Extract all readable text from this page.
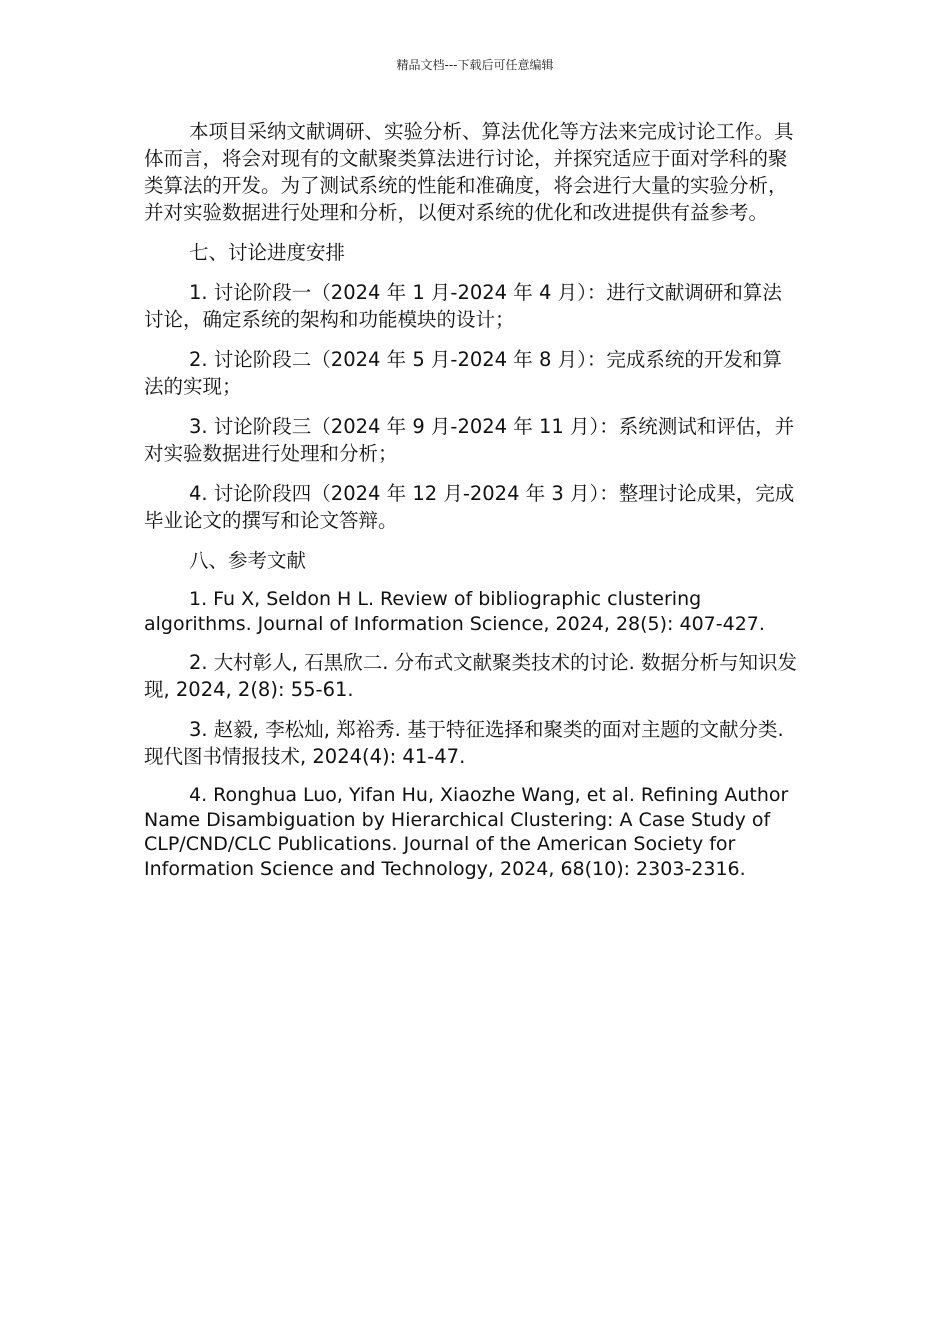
精品文档---下载后可任意编辑

本项目采纳文献调研、实验分析、算法优化等方法来完成讨论工作。具体而言，将会对现有的文献聚类算法进行讨论，并探究适应于面对学科的聚类算法的开发。为了测试系统的性能和准确度，将会进行大量的实验分析，并对实验数据进行处理和分析，以便对系统的优化和改进提供有益参考。

七、讨论进度安排

1. 讨论阶段一（2024 年 1 月-2024 年 4 月）：进行文献调研和算法讨论，确定系统的架构和功能模块的设计；

2. 讨论阶段二（2024 年 5 月-2024 年 8 月）：完成系统的开发和算法的实现；

3. 讨论阶段三（2024 年 9 月-2024 年 11 月）：系统测试和评估，并对实验数据进行处理和分析；

4. 讨论阶段四（2024 年 12 月-2024 年 3 月）：整理讨论成果，完成毕业论文的撰写和论文答辩。

八、参考文献

1. Fu X, Seldon H L. Review of bibliographic clustering algorithms. Journal of Information Science, 2024, 28(5): 407-427.

2. 大村彰人, 石黒欣二. 分布式文献聚类技术的讨论. 数据分析与知识发现, 2024, 2(8): 55-61.

3. 赵毅, 李松灿, 郑裕秀. 基于特征选择和聚类的面对主题的文献分类. 现代图书情报技术, 2024(4): 41-47.

4. Ronghua Luo, Yifan Hu, Xiaozhe Wang, et al. Refining Author Name Disambiguation by Hierarchical Clustering: A Case Study of CLP/CND/CLC Publications. Journal of the American Society for Information Science and Technology, 2024, 68(10): 2303-2316.
